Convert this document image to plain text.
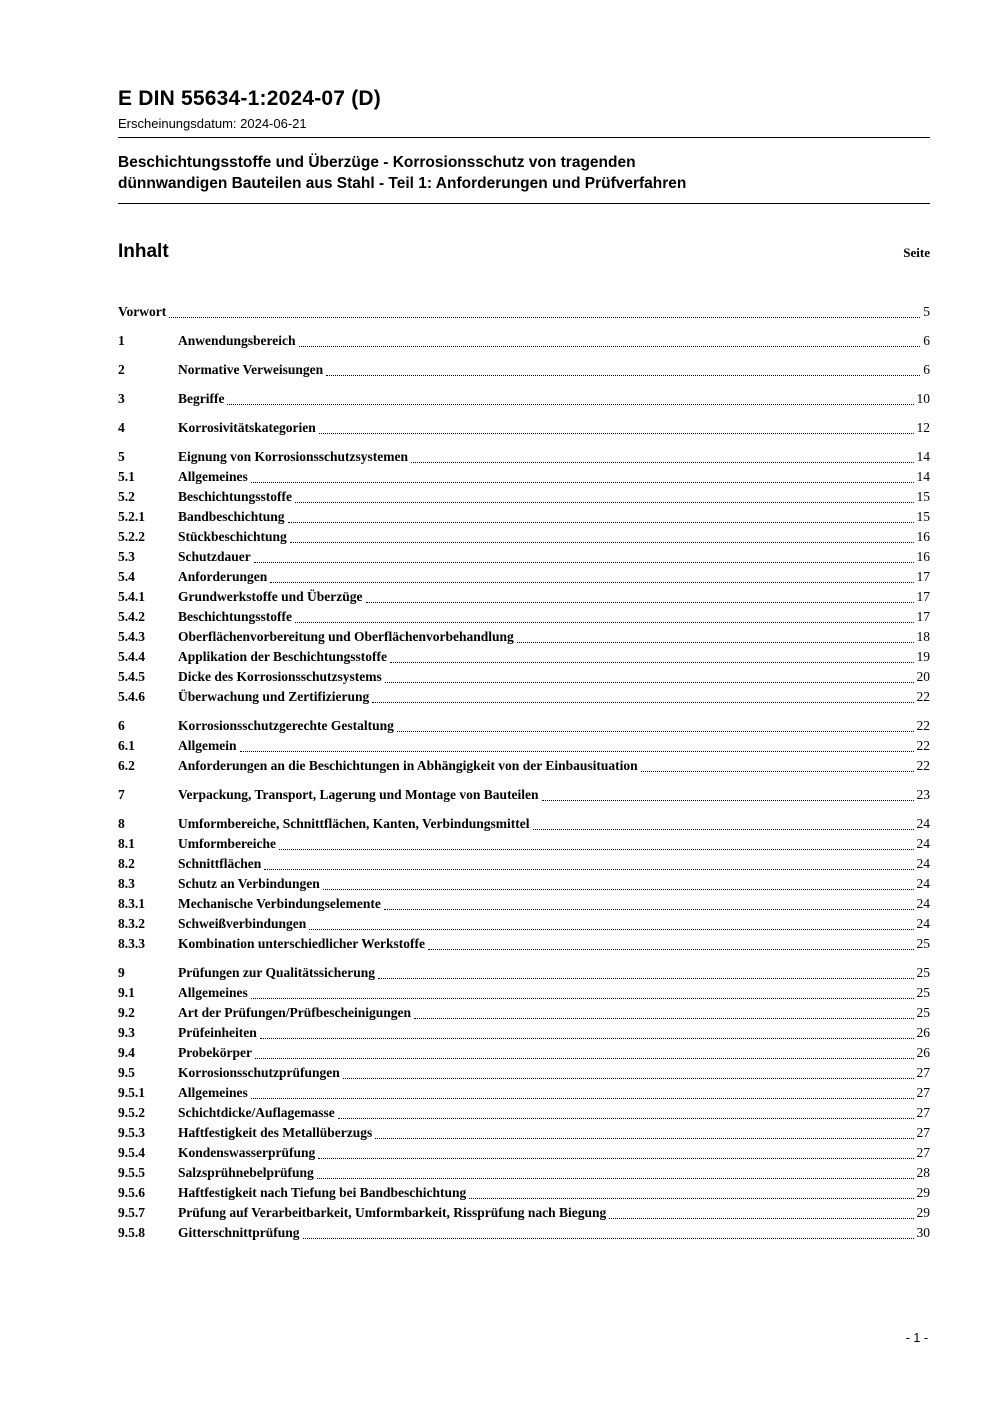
E DIN 55634-1:2024-07 (D)
Erscheinungsdatum: 2024-06-21
Beschichtungsstoffe und Überzüge - Korrosionsschutz von tragenden
dünnwandigen Bauteilen aus Stahl - Teil 1: Anforderungen und Prüfverfahren
Inhalt	Seite
Vorwort	5
1	Anwendungsbereich	6
2	Normative Verweisungen	6
3	Begriffe	10
4	Korrosivitätskategorien	12
5	Eignung von Korrosionsschutzsystemen	14
5.1	Allgemeines	14
5.2	Beschichtungsstoffe	15
5.2.1	Bandbeschichtung	15
5.2.2	Stückbeschichtung	16
5.3	Schutzdauer	16
5.4	Anforderungen	17
5.4.1	Grundwerkstoffe und Überzüge	17
5.4.2	Beschichtungsstoffe	17
5.4.3	Oberflächenvorbereitung und Oberflächenvorbehandlung	18
5.4.4	Applikation der Beschichtungsstoffe	19
5.4.5	Dicke des Korrosionsschutzsystems	20
5.4.6	Überwachung und Zertifizierung	22
6	Korrosionsschutzgerechte Gestaltung	22
6.1	Allgemein	22
6.2	Anforderungen an die Beschichtungen in Abhängigkeit von der Einbausituation	22
7	Verpackung, Transport, Lagerung und Montage von Bauteilen	23
8	Umformbereiche, Schnittflächen, Kanten, Verbindungsmittel	24
8.1	Umformbereiche	24
8.2	Schnittflächen	24
8.3	Schutz an Verbindungen	24
8.3.1	Mechanische Verbindungselemente	24
8.3.2	Schweißverbindungen	24
8.3.3	Kombination unterschiedlicher Werkstoffe	25
9	Prüfungen zur Qualitätssicherung	25
9.1	Allgemeines	25
9.2	Art der Prüfungen/Prüfbescheinigungen	25
9.3	Prüfeinheiten	26
9.4	Probekörper	26
9.5	Korrosionsschutzprüfungen	27
9.5.1	Allgemeines	27
9.5.2	Schichtdicke/Auflagemasse	27
9.5.3	Haftfestigkeit des Metallüberzugs	27
9.5.4	Kondenswasserprüfung	27
9.5.5	Salzsprühnebelprüfung	28
9.5.6	Haftfestigkeit nach Tiefung bei Bandbeschichtung	29
9.5.7	Prüfung auf Verarbeitbarkeit, Umformbarkeit, Rissprüfung nach Biegung	29
9.5.8	Gitterschnittprüfung	30
- 1 -
